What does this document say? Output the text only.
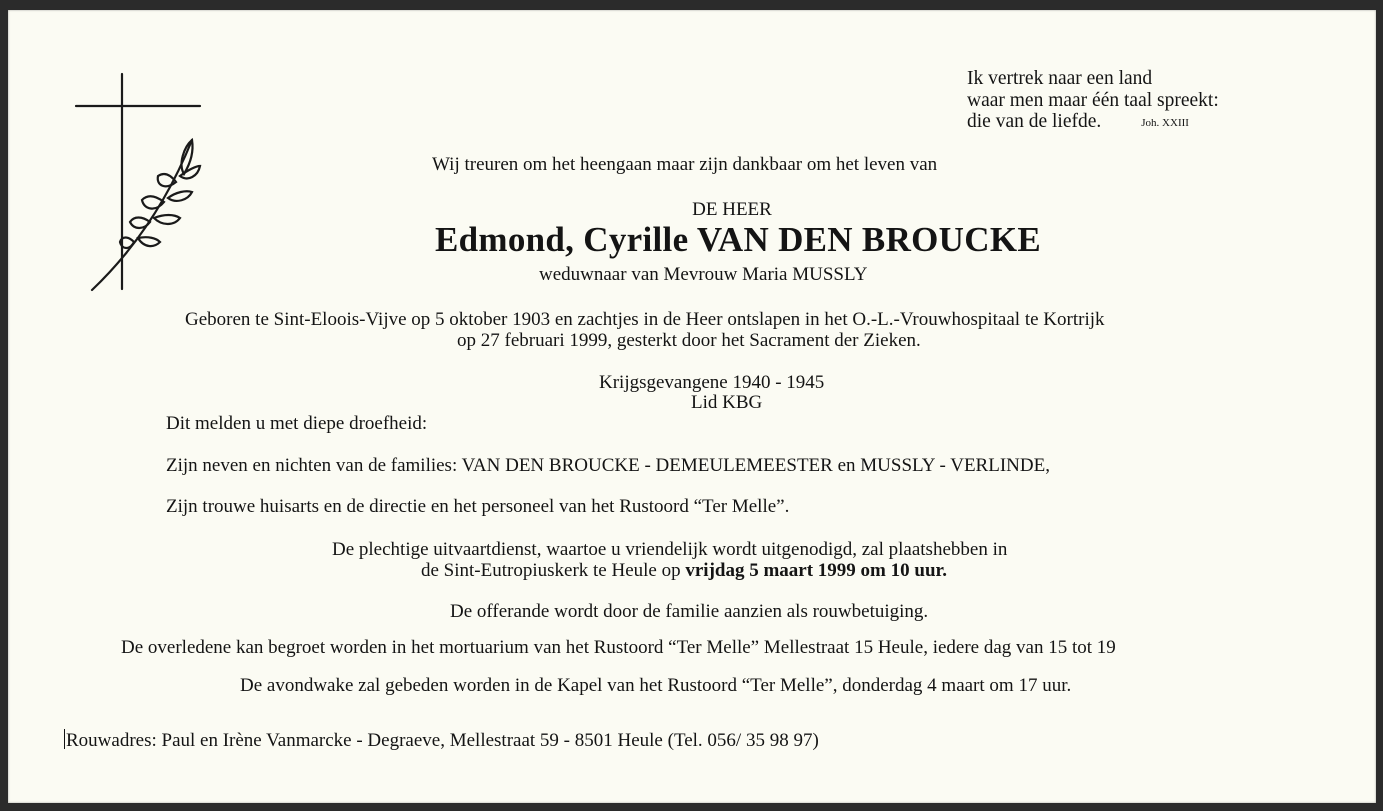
Ik vertrek naar een land
waar men maar één taal spreekt:
die van de liefde.	Joh. XXIII
Wij treuren om het heengaan maar zijn dankbaar om het leven van
DE HEER
Edmond, Cyrille VAN DEN BROUCKE
weduwnaar van Mevrouw Maria MUSSLY
Geboren te Sint-Eloois-Vijve op 5 oktober 1903 en zachtjes in de Heer ontslapen in het O.-L.-Vrouwhospitaal te Kortrijk
op 27 februari 1999, gesterkt door het Sacrament der Zieken.
Krijgsgevangene 1940 - 1945
Lid KBG
Dit melden u met diepe droefheid:
Zijn neven en nichten van de families: VAN DEN BROUCKE - DEMEULEMEESTER en MUSSLY - VERLINDE,
Zijn trouwe huisarts en de directie en het personeel van het Rustoord “Ter Melle”.
De plechtige uitvaartdienst, waartoe u vriendelijk wordt uitgenodigd, zal plaatshebben in
de Sint-Eutropiuskerk te Heule op vrijdag 5 maart 1999 om 10 uur.
De offerande wordt door de familie aanzien als rouwbetuiging.
De overledene kan begroet worden in het mortuarium van het Rustoord “Ter Melle” Mellestraat 15 Heule, iedere dag van 15 tot 19
De avondwake zal gebeden worden in de Kapel van het Rustoord “Ter Melle”, donderdag 4 maart om 17 uur.
Rouwadres: Paul en Irène Vanmarcke - Degraeve, Mellestraat 59 - 8501 Heule (Tel. 056/ 35 98 97)
